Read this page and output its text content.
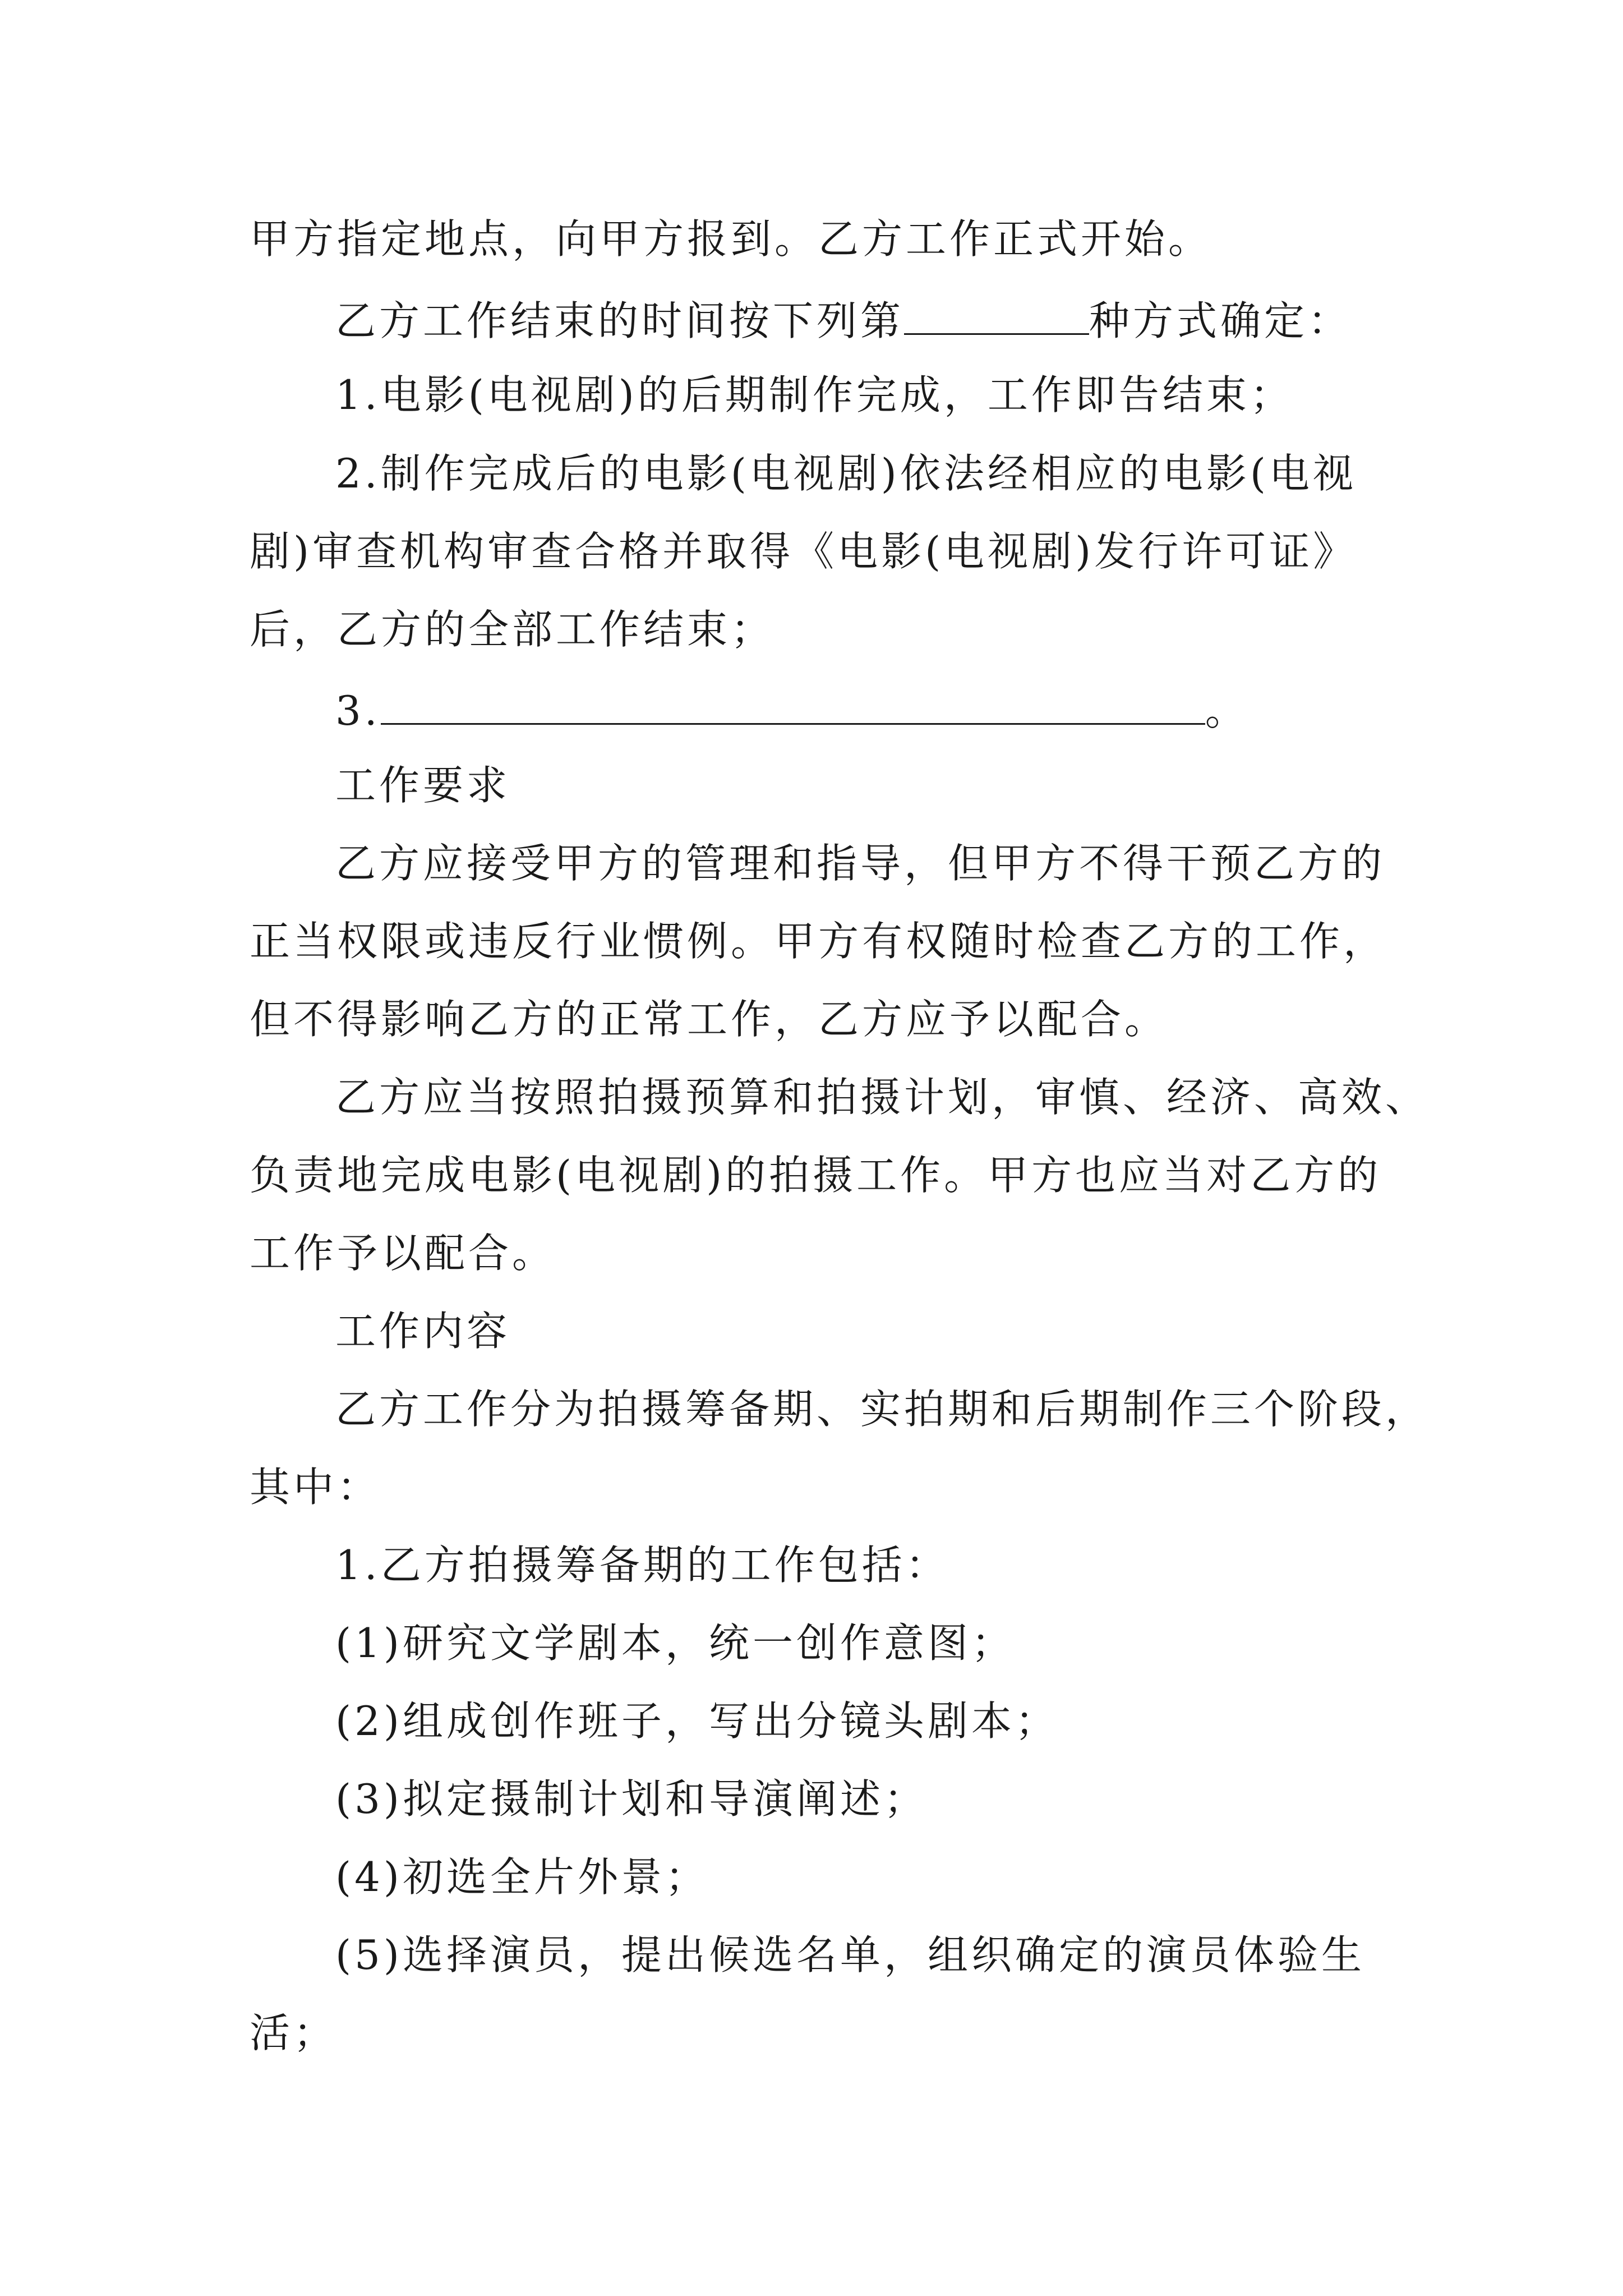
甲方指定地点，向甲方报到。乙方工作正式开始。
乙方工作结束的时间按下列第	种方式确定：
1.电影(电视剧)的后期制作完成，工作即告结束；
2.制作完成后的电影(电视剧)依法经相应的电影(电视
剧)审查机构审查合格并取得《电影(电视剧)发行许可证》
后，乙方的全部工作结束；
3.	。
工作要求
乙方应接受甲方的管理和指导，但甲方不得干预乙方的
正当权限或违反行业惯例。甲方有权随时检查乙方的工作，
但不得影响乙方的正常工作，乙方应予以配合。
乙方应当按照拍摄预算和拍摄计划，审慎、经济、高效、
负责地完成电影(电视剧)的拍摄工作。甲方也应当对乙方的
工作予以配合。
工作内容
乙方工作分为拍摄筹备期、实拍期和后期制作三个阶段，
其中：
1.乙方拍摄筹备期的工作包括：
(1)研究文学剧本，统一创作意图；
(2)组成创作班子，写出分镜头剧本；
(3)拟定摄制计划和导演阐述；
(4)初选全片外景；
(5)选择演员，提出候选名单，组织确定的演员体验生
活；
